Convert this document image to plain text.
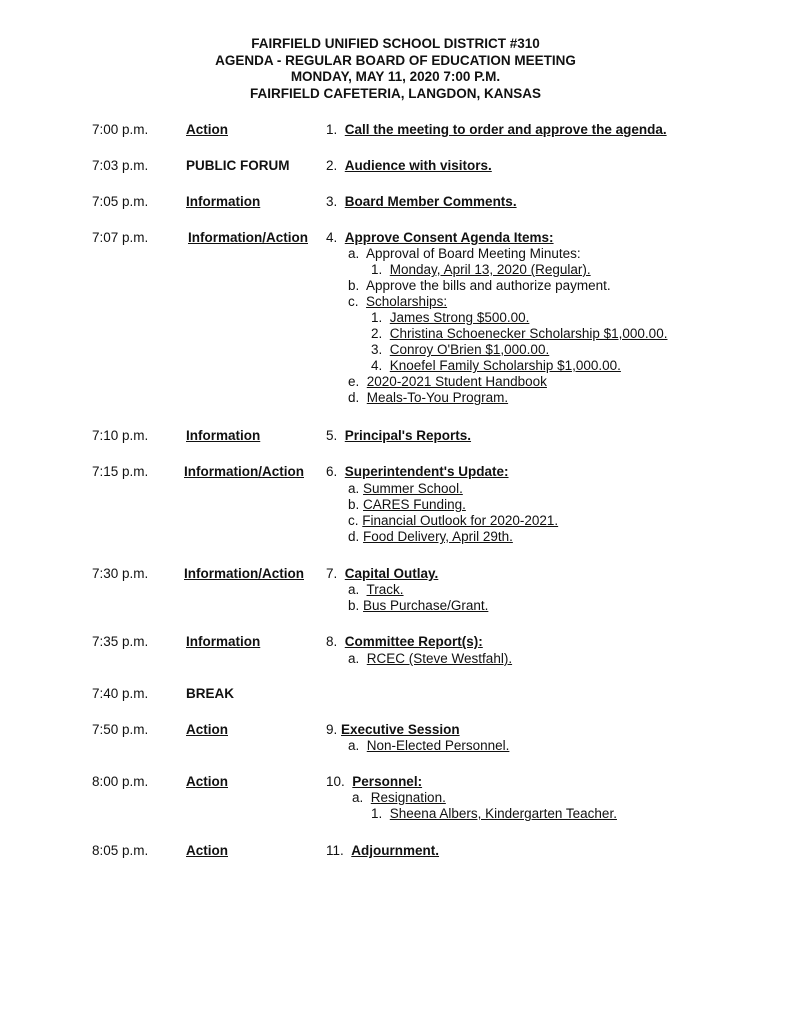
FAIRFIELD UNIFIED SCHOOL DISTRICT #310
AGENDA - REGULAR BOARD OF EDUCATION MEETING
MONDAY, MAY 11, 2020 7:00 P.M.
FAIRFIELD CAFETERIA, LANGDON, KANSAS
7:00 p.m.	Action	1. Call the meeting to order and approve the agenda.
7:03 p.m.	PUBLIC FORUM	2. Audience with visitors.
7:05 p.m.	Information	3. Board Member Comments.
7:07 p.m.	Information/Action 4. Approve Consent Agenda Items:
a. Approval of Board Meeting Minutes:
1. Monday, April 13, 2020 (Regular).
b. Approve the bills and authorize payment.
c. Scholarships:
1. James Strong $500.00.
2. Christina Schoenecker Scholarship $1,000.00.
3. Conroy O'Brien $1,000.00.
4. Knoefel Family Scholarship $1,000.00.
e. 2020-2021 Student Handbook
d. Meals-To-You Program.
7:10 p.m.	Information	5. Principal's Reports.
7:15 p.m.	Information/Action 6. Superintendent's Update:
a. Summer School.
b. CARES Funding.
c. Financial Outlook for 2020-2021.
d. Food Delivery, April 29th.
7:30 p.m.	Information/Action 7. Capital Outlay.
a. Track.
b. Bus Purchase/Grant.
7:35 p.m.	Information	8. Committee Report(s):
a. RCEC (Steve Westfahl).
7:40 p.m.	BREAK
7:50 p.m.	Action	9. Executive Session
a. Non-Elected Personnel.
8:00 p.m.	Action	10. Personnel:
a. Resignation.
1. Sheena Albers, Kindergarten Teacher.
8:05 p.m.	Action	11. Adjournment.
